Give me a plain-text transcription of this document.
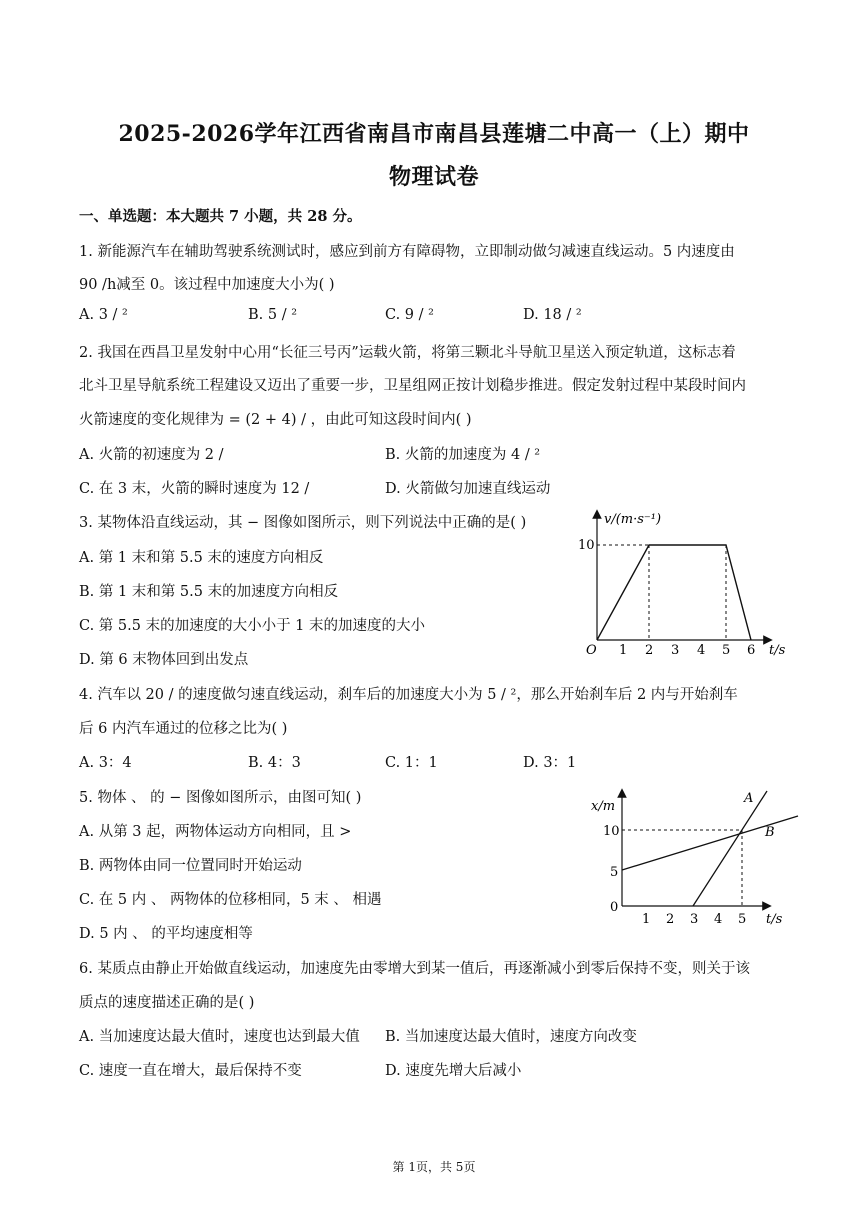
2025-2026学年江西省南昌市南昌县莲塘二中高一（上）期中
物理试卷
一、单选题：本大题共 7 小题，共 28 分。
1. 新能源汽车在辅助驾驶系统测试时，感应到前方有障碍物，立即制动做匀减速直线运动。5 内速度由
90 /h减至 0。该过程中加速度大小为( )
A. 3 / ²	B. 5 / ²	C. 9 / ²	D. 18 / ²
2. 我国在西昌卫星发射中心用“长征三号丙”运载火箭，将第三颗北斗导航卫星送入预定轨道，这标志着
北斗卫星导航系统工程建设又迈出了重要一步，卫星组网正按计划稳步推进。假定发射过程中某段时间内
火箭速度的变化规律为 = (2 + 4) / ，由此可知这段时间内( )
A. 火箭的初速度为 2 /	B. 火箭的加速度为 4 / ²
C. 在 3 末，火箭的瞬时速度为 12 /	D. 火箭做匀加速直线运动
3. 某物体沿直线运动，其 − 图像如图所示，则下列说法中正确的是( )
A. 第 1 末和第 5.5 末的速度方向相反
B. 第 1 末和第 5.5 末的加速度方向相反
C. 第 5.5 末的加速度的大小小于 1 末的加速度的大小
D. 第 6 末物体回到出发点
v/(m·s⁻¹)
t/s
O
10
1 2 3 4 5 6
4. 汽车以 20 / 的速度做匀速直线运动，刹车后的加速度大小为 5 / ²，那么开始刹车后 2 内与开始刹车
后 6 内汽车通过的位移之比为( )
A. 3：4	B. 4：3	C. 1：1	D. 3：1
5. 物体 、 的 − 图像如图所示，由图可知( )
A. 从第 3 起，两物体运动方向相同，且 >
B. 两物体由同一位置同时开始运动
C. 在 5 内 、 两物体的位移相同，5 末 、 相遇
D. 5 内 、 的平均速度相等
x/m
t/s
0
5
10
1 2 3 4 5
A
B
6. 某质点由静止开始做直线运动，加速度先由零增大到某一值后，再逐渐减小到零后保持不变，则关于该
质点的速度描述正确的是( )
A. 当加速度达最大值时，速度也达到最大值 B. 当加速度达最大值时，速度方向改变
C. 速度一直在增大，最后保持不变	D. 速度先增大后减小
第 1页，共 5页
